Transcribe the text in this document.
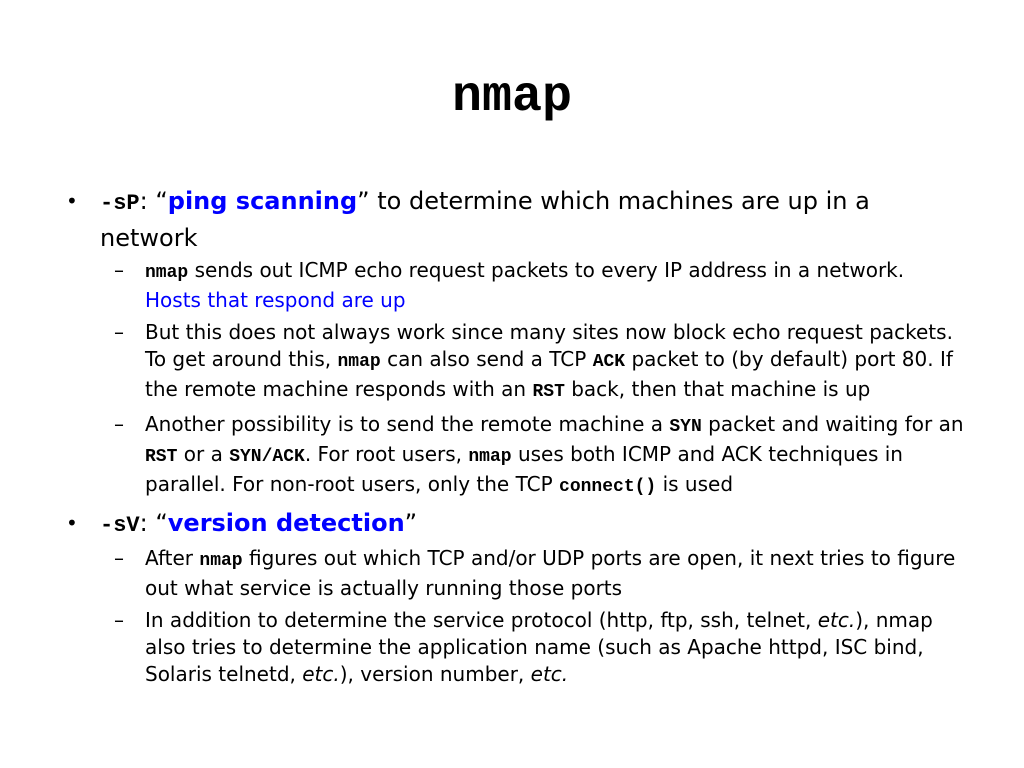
nmap

• -sP: “ping scanning” to determine which machines are up in a network

– nmap sends out ICMP echo request packets to every IP address in a network. Hosts that respond are up

– But this does not always work since many sites now block echo request packets. To get around this, nmap can also send a TCP ACK packet to (by default) port 80. If the remote machine responds with an RST back, then that machine is up

– Another possibility is to send the remote machine a SYN packet and waiting for an RST or a SYN/ACK. For root users, nmap uses both ICMP and ACK techniques in parallel. For non-root users, only the TCP connect() is used

• -sV: “version detection”

– After nmap figures out which TCP and/or UDP ports are open, it next tries to figure out what service is actually running those ports

– In addition to determine the service protocol (http, ftp, ssh, telnet, etc.), nmap also tries to determine the application name (such as Apache httpd, ISC bind, Solaris telnetd, etc.), version number, etc.
